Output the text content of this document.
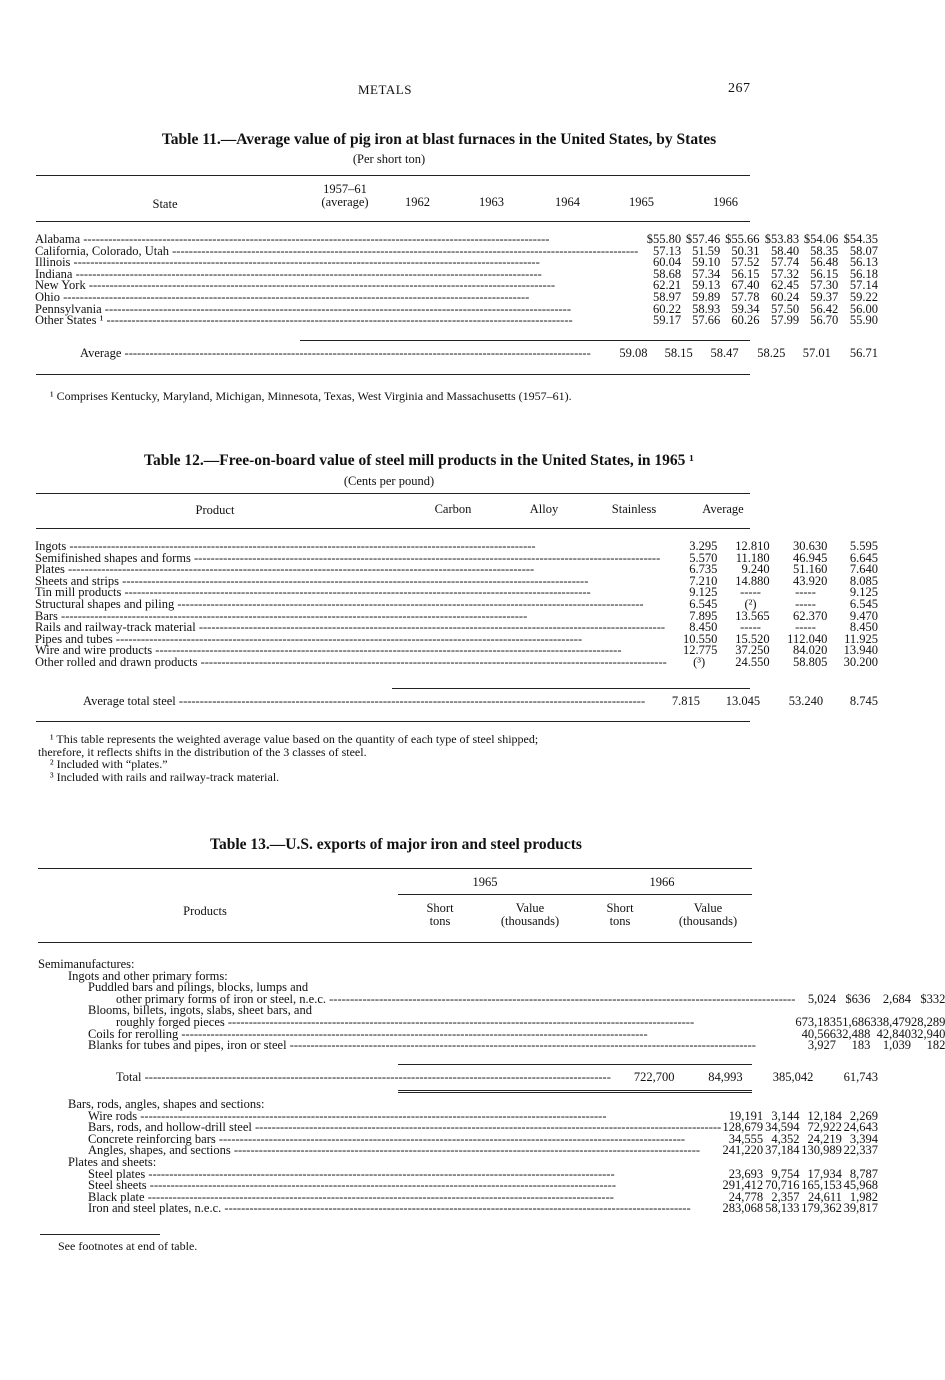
METALS	267
Table 11.—Average value of pig iron at blast furnaces in the United States, by States
(Per short ton)
State
1957–61
(average)	1962	1963	1964	1965	1966
Alabama -----	$55.80	$57.46	$55.66	$53.83	$54.06	$54.35
California, Colorado, Utah -----	57.13	51.59	50.31	58.40	58.35	58.07
Illinois -----	60.04	59.10	57.52	57.74	56.48	56.13
Indiana -----	58.68	57.34	56.15	57.32	56.15	56.18
New York -----	62.21	59.13	67.40	62.45	57.30	57.14
Ohio -----	58.97	59.89	57.78	60.24	59.37	59.22
Pennsylvania -----	60.22	58.93	59.34	57.50	56.42	56.00
Other States ¹ -----	59.17	57.66	60.26	57.99	56.70	55.90
Average -----	59.08	58.15	58.47	58.25	57.01	56.71
¹ Comprises Kentucky, Maryland, Michigan, Minnesota, Texas, West Virginia and Massachusetts (1957–61).
Table 12.—Free-on-board value of steel mill products in the United States, in 1965 ¹
(Cents per pound)
Product	Carbon	Alloy	Stainless	Average
Ingots -----	3.295	12.810	30.630	5.595
Semifinished shapes and forms -----	5.570	11.180	46.945	6.645
Plates -----	6.735	9.240	51.160	7.640
Sheets and strips -----	7.210	14.880	43.920	8.085
Tin mill products -----	9.125	-----	-----	9.125
Structural shapes and piling -----	6.545	(²)	-----	6.545
Bars -----	7.895	13.565	62.370	9.470
Rails and railway-track material -----	8.450	-----	-----	8.450
Pipes and tubes -----	10.550	15.520	112.040	11.925
Wire and wire products -----	12.775	37.250	84.020	13.940
Other rolled and drawn products -----	(³)	24.550	58.805	30.200
Average total steel -----	7.815	13.045	53.240	8.745
¹ This table represents the weighted average value based on the quantity of each type of steel shipped;
therefore, it reflects shifts in the distribution of the 3 classes of steel.
² Included with “plates.”
³ Included with rails and railway-track material.
Table 13.—U.S. exports of major iron and steel products
Products
1965	1966
Short
tons
Value
(thousands)
Short
tons
Value
(thousands)
Semimanufactures:				
Ingots and other primary forms:				
Puddled bars and pilings, blocks, lumps and				
other primary forms of iron or steel, n.e.c. -----	5,024	$636	2,684	$332
Blooms, billets, ingots, slabs, sheet bars, and				
roughly forged pieces -----	673,183	51,686	338,479	28,289
Coils for rerolling -----	40,566	32,488	42,840	32,940
Blanks for tubes and pipes, iron or steel -----	3,927	183	1,039	182
Total -----	722,700	84,993	385,042	61,743
Bars, rods, angles, shapes and sections:				
Wire rods -----	19,191	3,144	12,184	2,269
Bars, rods, and hollow-drill steel -----	128,679	34,594	72,922	24,643
Concrete reinforcing bars -----	34,555	4,352	24,219	3,394
Angles, shapes, and sections -----	241,220	37,184	130,989	22,337
Plates and sheets:				
Steel plates -----	23,693	9,754	17,934	8,787
Steel sheets -----	291,412	70,716	165,153	45,968
Black plate -----	24,778	2,357	24,611	1,982
Iron and steel plates, n.e.c. -----	283,068	58,133	179,362	39,817
See footnotes at end of table.
